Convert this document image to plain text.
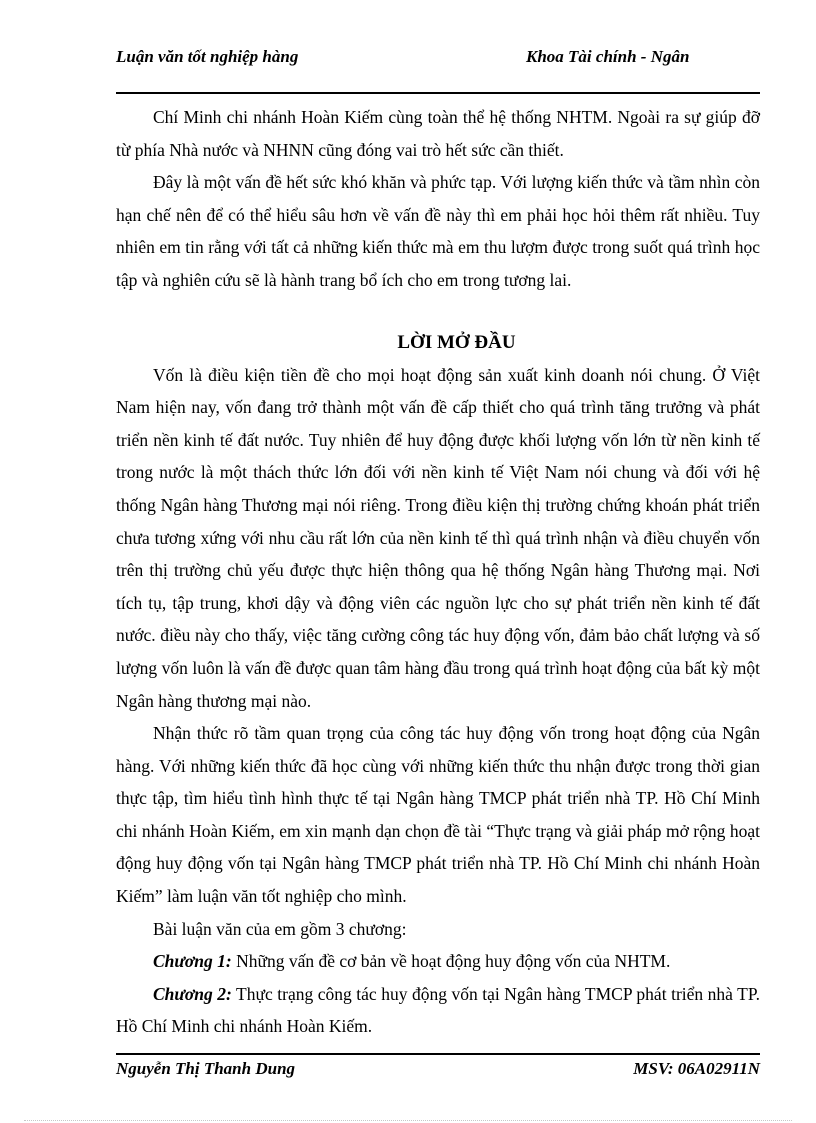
Luận văn tốt nghiệp hàng	Khoa Tài chính - Ngân

Chí Minh chi nhánh Hoàn Kiếm cùng toàn thể hệ thống NHTM. Ngoài ra sự giúp đỡ từ phía Nhà nước và NHNN cũng đóng vai trò hết sức cần thiết.

Đây là một vấn đề hết sức khó khăn và phức tạp. Với lượng kiến thức và tầm nhìn còn hạn chế nên để có thể hiểu sâu hơn về vấn đề này thì em phải học hỏi thêm rất nhiều. Tuy nhiên em tin rằng với tất cả những kiến thức mà em thu lượm được trong suốt quá trình học tập và nghiên cứu sẽ là hành trang bổ ích cho em trong tương lai.

LỜI MỞ ĐẦU

Vốn là điều kiện tiền đề cho mọi hoạt động sản xuất kinh doanh nói chung. Ở Việt Nam hiện nay, vốn đang trở thành một vấn đề cấp thiết cho quá trình tăng trưởng và phát triển nền kinh tế đất nước. Tuy nhiên để huy động được khối lượng vốn lớn từ nền kinh tế trong nước là một thách thức lớn đối với nền kinh tế Việt Nam nói chung và đối với hệ thống Ngân hàng Thương mại nói riêng. Trong điều kiện thị trường chứng khoán phát triển chưa tương xứng với nhu cầu rất lớn của nền kinh tế thì quá trình nhận và điều chuyển vốn trên thị trường chủ yếu được thực hiện thông qua hệ thống Ngân hàng Thương mại. Nơi tích tụ, tập trung, khơi dậy và động viên các nguồn lực cho sự phát triển nền kinh tế đất nước. điều này cho thấy, việc tăng cường công tác huy động vốn, đảm bảo chất lượng và số lượng vốn luôn là vấn đề được quan tâm hàng đầu trong quá trình hoạt động của bất kỳ một Ngân hàng thương mại nào.

Nhận thức rõ tầm quan trọng của công tác huy động vốn trong hoạt động của Ngân hàng. Với những kiến thức đã học cùng với những kiến thức thu nhận được trong thời gian thực tập, tìm hiểu tình hình thực tế tại Ngân hàng TMCP phát triển nhà TP. Hồ Chí Minh chi nhánh Hoàn Kiếm, em xin mạnh dạn chọn đề tài “Thực trạng và giải pháp mở rộng hoạt động huy động vốn tại Ngân hàng TMCP phát triển nhà TP. Hồ Chí Minh chi nhánh Hoàn Kiếm” làm luận văn tốt nghiệp cho mình.

Bài luận văn của em gồm 3 chương:

Chương 1: Những vấn đề cơ bản về hoạt động huy động vốn của NHTM.

Chương 2: Thực trạng công tác huy động vốn tại Ngân hàng TMCP phát triển nhà TP. Hồ Chí Minh chi nhánh Hoàn Kiếm.

Nguyễn Thị Thanh Dung	MSV: 06A02911N
